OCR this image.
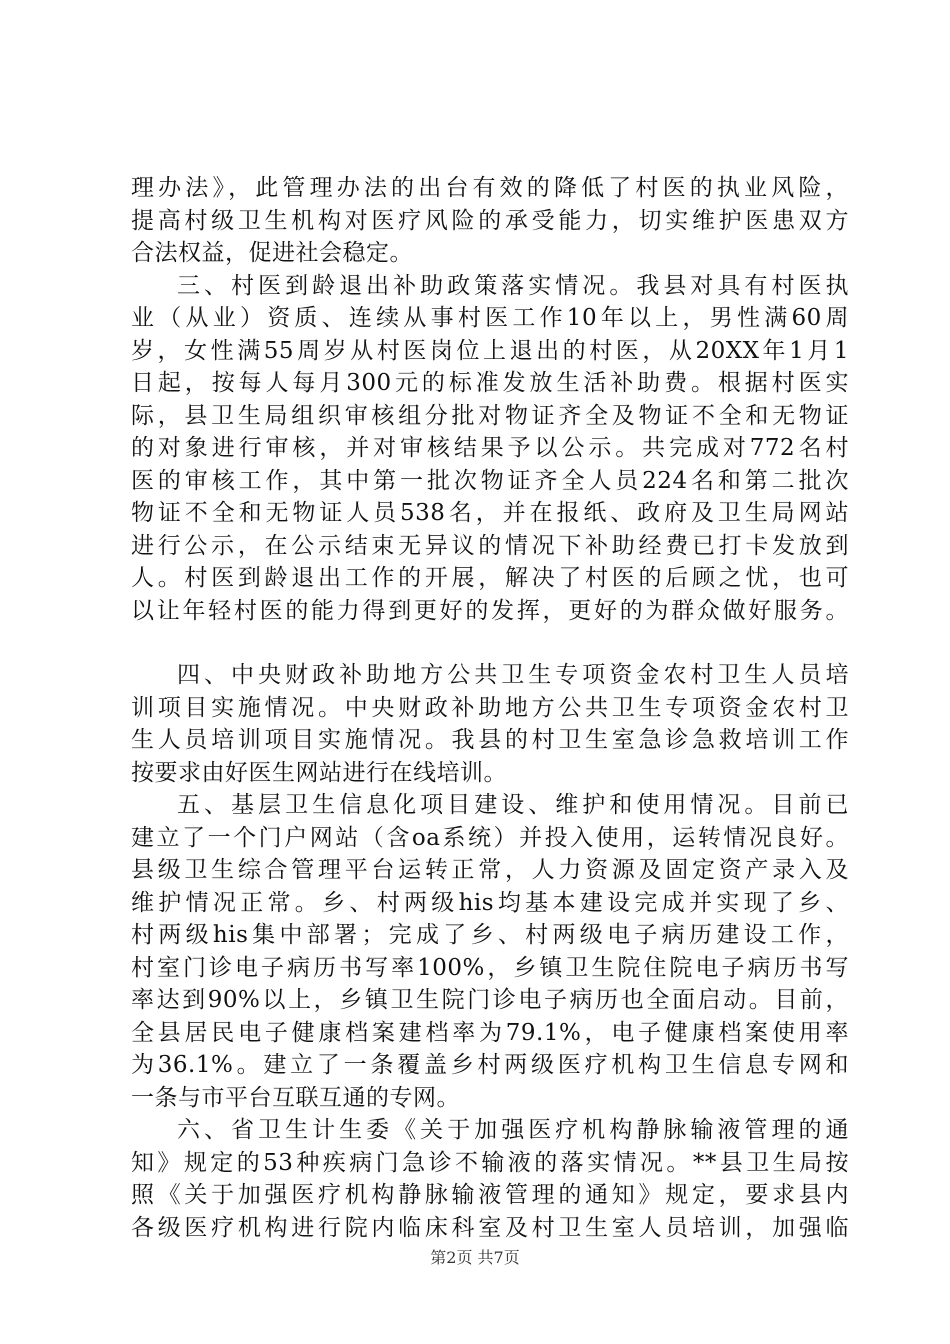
理办法》，此管理办法的出台有效的降低了村医的执业风险，
提高村级卫生机构对医疗风险的承受能力，切实维护医患双方
合法权益，促进社会稳定。
三、村医到龄退出补助政策落实情况。我县对具有村医执
业（从业）资质、连续从事村医工作10年以上，男性满60周
岁，女性满55周岁从村医岗位上退出的村医，从20XX年1月1
日起，按每人每月300元的标准发放生活补助费。根据村医实
际，县卫生局组织审核组分批对物证齐全及物证不全和无物证
的对象进行审核，并对审核结果予以公示。共完成对772名村
医的审核工作，其中第一批次物证齐全人员224名和第二批次
物证不全和无物证人员538名，并在报纸、政府及卫生局网站
进行公示，在公示结束无异议的情况下补助经费已打卡发放到
人。村医到龄退出工作的开展，解决了村医的后顾之忧，也可
以让年轻村医的能力得到更好的发挥，更好的为群众做好服务。
四、中央财政补助地方公共卫生专项资金农村卫生人员培
训项目实施情况。中央财政补助地方公共卫生专项资金农村卫
生人员培训项目实施情况。我县的村卫生室急诊急救培训工作
按要求由好医生网站进行在线培训。
五、基层卫生信息化项目建设、维护和使用情况。目前已
建立了一个门户网站（含oa系统）并投入使用，运转情况良好。
县级卫生综合管理平台运转正常，人力资源及固定资产录入及
维护情况正常。乡、村两级his均基本建设完成并实现了乡、
村两级his集中部署；完成了乡、村两级电子病历建设工作，
村室门诊电子病历书写率100%，乡镇卫生院住院电子病历书写
率达到90%以上，乡镇卫生院门诊电子病历也全面启动。目前，
全县居民电子健康档案建档率为79.1%，电子健康档案使用率
为36.1%。建立了一条覆盖乡村两级医疗机构卫生信息专网和
一条与市平台互联互通的专网。
六、省卫生计生委《关于加强医疗机构静脉输液管理的通
知》规定的53种疾病门急诊不输液的落实情况。**县卫生局按
照《关于加强医疗机构静脉输液管理的通知》规定，要求县内
各级医疗机构进行院内临床科室及村卫生室人员培训，加强临
第2页 共7页
